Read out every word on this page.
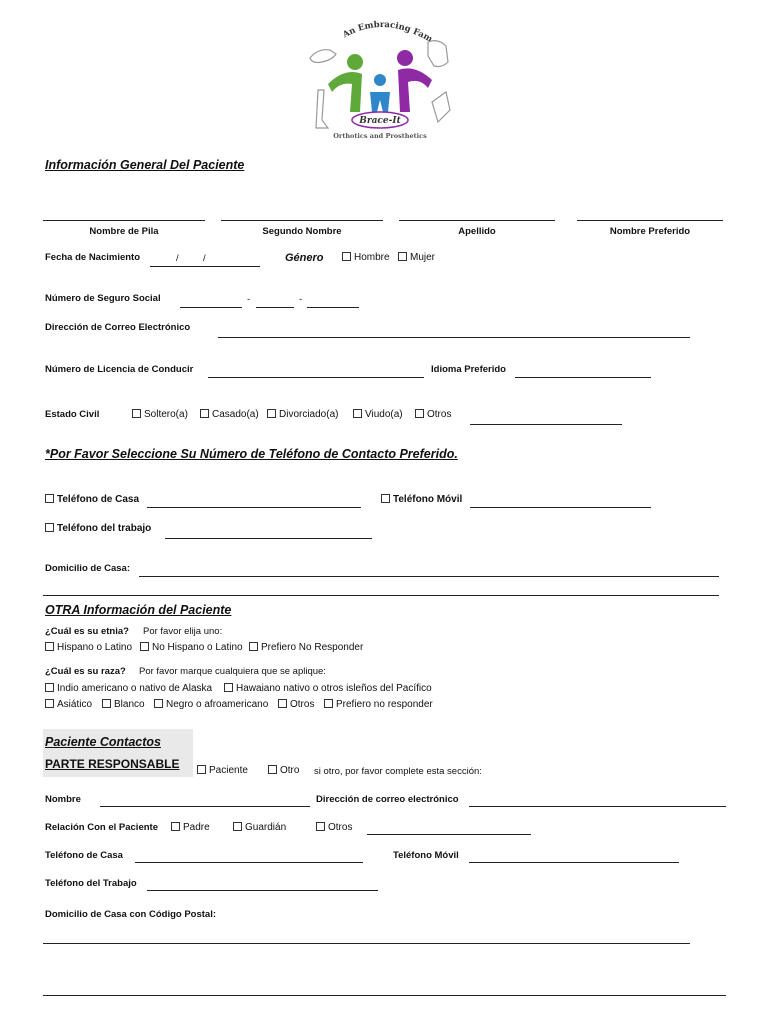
An Embracing Fam
Brace-It
Orthotics and Prosthetics
Información General Del Paciente
Nombre de Pila	Segundo Nombre	Apellido	Nombre Preferido
Fecha de Nacimiento	/	/	Género	Hombre	Mujer
Número de Seguro Social	-	-
Dirección de Correo Electrónico
Número de Licencia de Conducir	Idioma Preferido
Estado Civil	Soltero(a)	Casado(a)	Divorciado(a)	Viudo(a)	Otros
*Por Favor Seleccione Su Número de Teléfono de Contacto Preferido.
Teléfono de Casa	Teléfono Móvil
Teléfono del trabajo
Domicilio de Casa:
OTRA Información del Paciente
¿Cuál es su etnia? Por favor elija uno:
Hispano o Latino	No Hispano o Latino	Prefiero No Responder
¿Cuál es su raza? Por favor marque cualquiera que se aplique:
Indio americano o nativo de Alaska	Hawaiano nativo o otros isleños del Pacífico
Asiático	Blanco	Negro o afroamericano	Otros	Prefiero no responder
Paciente Contactos
PARTE RESPONSABLE	Paciente	Otro si otro, por favor complete esta sección:
Nombre	Dirección de correo electrónico
Relación Con el Paciente	Padre	Guardián	Otros
Teléfono de Casa	Teléfono Móvil
Teléfono del Trabajo
Domicilio de Casa con Código Postal:
